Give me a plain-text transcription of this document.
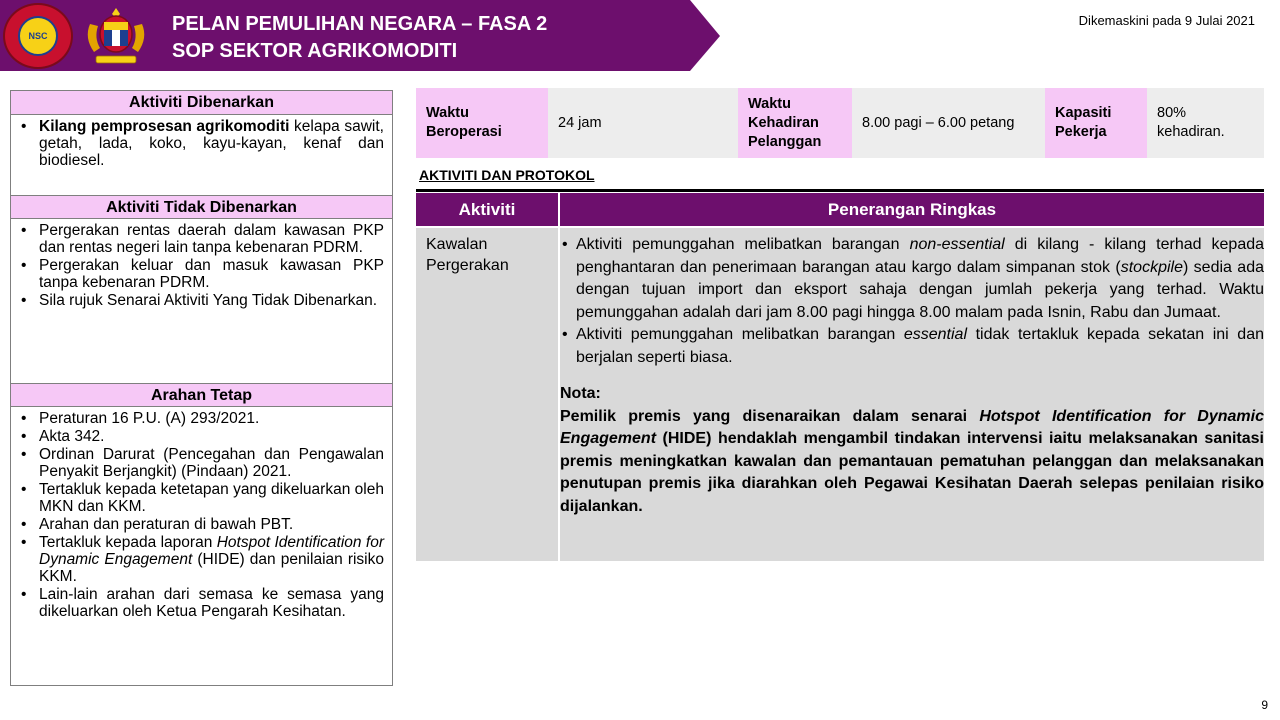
NSC
PELAN PEMULIHAN NEGARA – FASA 2
SOP SEKTOR AGRIKOMODITI
Dikemaskini pada 9 Julai 2021
Aktiviti Dibenarkan
• Kilang pemprosesan agrikomoditi kelapa sawit, getah, lada, koko, kayu-kayan, kenaf dan biodiesel.
Aktiviti Tidak Dibenarkan
• Pergerakan rentas daerah dalam kawasan PKP dan rentas negeri lain tanpa kebenaran PDRM.
• Pergerakan keluar dan masuk kawasan PKP tanpa kebenaran PDRM.
• Sila rujuk Senarai Aktiviti Yang Tidak Dibenarkan.
Arahan Tetap
• Peraturan 16 P.U. (A) 293/2021.
• Akta 342.
• Ordinan Darurat (Pencegahan dan Pengawalan Penyakit Berjangkit) (Pindaan) 2021.
• Tertakluk kepada ketetapan yang dikeluarkan oleh MKN dan KKM.
• Arahan dan peraturan di bawah PBT.
• Tertakluk kepada laporan Hotspot Identification for Dynamic Engagement (HIDE) dan penilaian risiko KKM.
• Lain-lain arahan dari semasa ke semasa yang dikeluarkan oleh Ketua Pengarah Kesihatan.
Waktu Beroperasi
24 jam
Waktu Kehadiran Pelanggan
8.00 pagi – 6.00 petang
Kapasiti Pekerja
80% kehadiran.
AKTIVITI DAN PROTOKOL
Aktiviti	Penerangan Ringkas
Kawalan Pergerakan
• Aktiviti pemunggahan melibatkan barangan non-essential di kilang - kilang terhad kepada penghantaran dan penerimaan barangan atau kargo dalam simpanan stok (stockpile) sedia ada dengan tujuan import dan eksport sahaja dengan jumlah pekerja yang terhad. Waktu pemunggahan adalah dari jam 8.00 pagi hingga 8.00 malam pada Isnin, Rabu dan Jumaat.
• Aktiviti pemunggahan melibatkan barangan essential tidak tertakluk kepada sekatan ini dan berjalan seperti biasa.
Nota:
Pemilik premis yang disenaraikan dalam senarai Hotspot Identification for Dynamic Engagement (HIDE) hendaklah mengambil tindakan intervensi iaitu melaksanakan sanitasi premis meningkatkan kawalan dan pemantauan pematuhan pelanggan dan melaksanakan penutupan premis jika diarahkan oleh Pegawai Kesihatan Daerah selepas penilaian risiko dijalankan.
9
